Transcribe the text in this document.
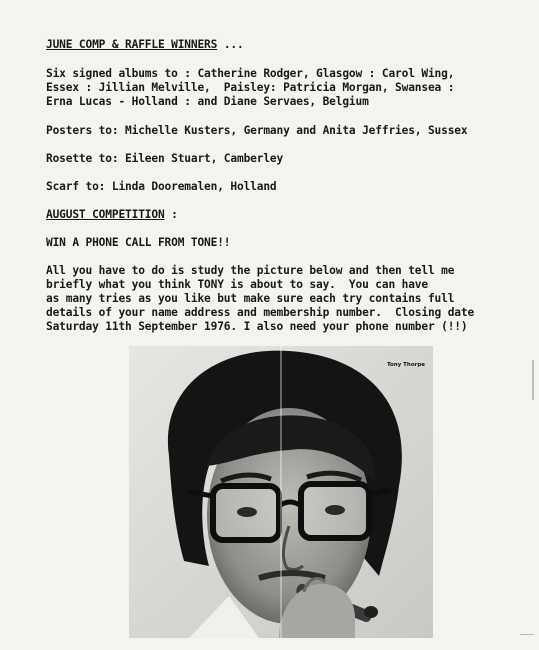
JUNE COMP & RAFFLE WINNERS ...
Six signed albums to : Catherine Rodger, Glasgow : Carol Wing,
Essex : Jillian Melville,  Paisley: Patricia Morgan, Swansea :
Erna Lucas - Holland : and Diane Servaes, Belgium
Posters to: Michelle Kusters, Germany and Anita Jeffries, Sussex
Rosette to: Eileen Stuart, Camberley
Scarf to: Linda Dooremalen, Holland
AUGUST COMPETITION :
WIN A PHONE CALL FROM TONE!!
All you have to do is study the picture below and then tell me
briefly what you think TONY is about to say.  You can have
as many tries as you like but make sure each try contains full
details of your name address and membership number.  Closing date
Saturday 11th September 1976. I also need your phone number (!!)
Tony Thorpe
